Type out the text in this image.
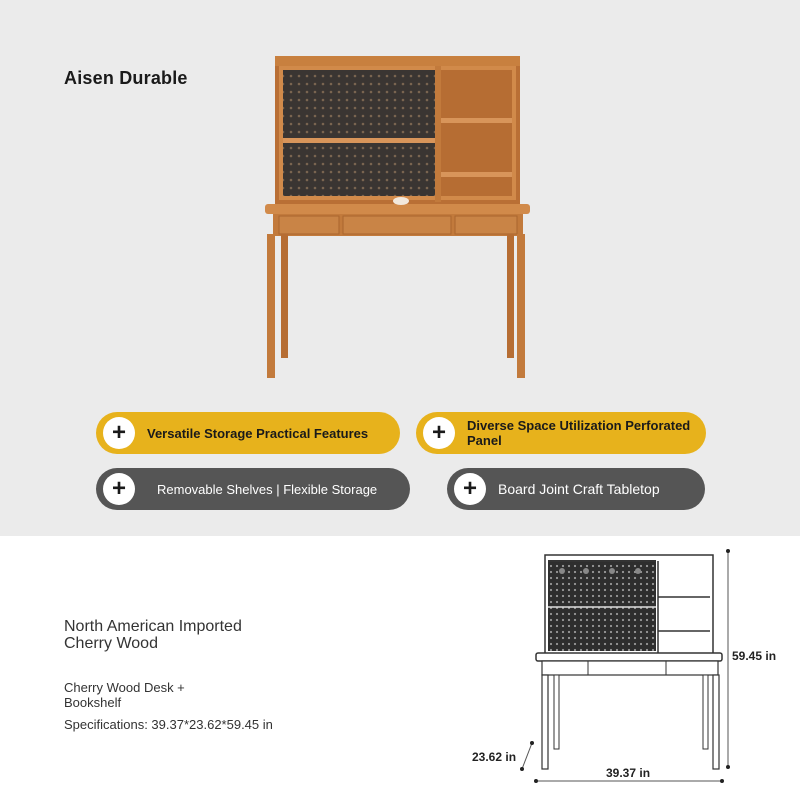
Aisen Durable
+	Versatile Storage Practical Features	+	Diverse Space Utilization Perforated Panel
+	Removable Shelves | Flexible Storage	+	Board Joint Craft Tabletop
North American Imported Cherry Wood
Cherry Wood Desk + Bookshelf
Specifications: 39.37*23.62*59.45 in
59.45 in
23.62 in
39.37 in
